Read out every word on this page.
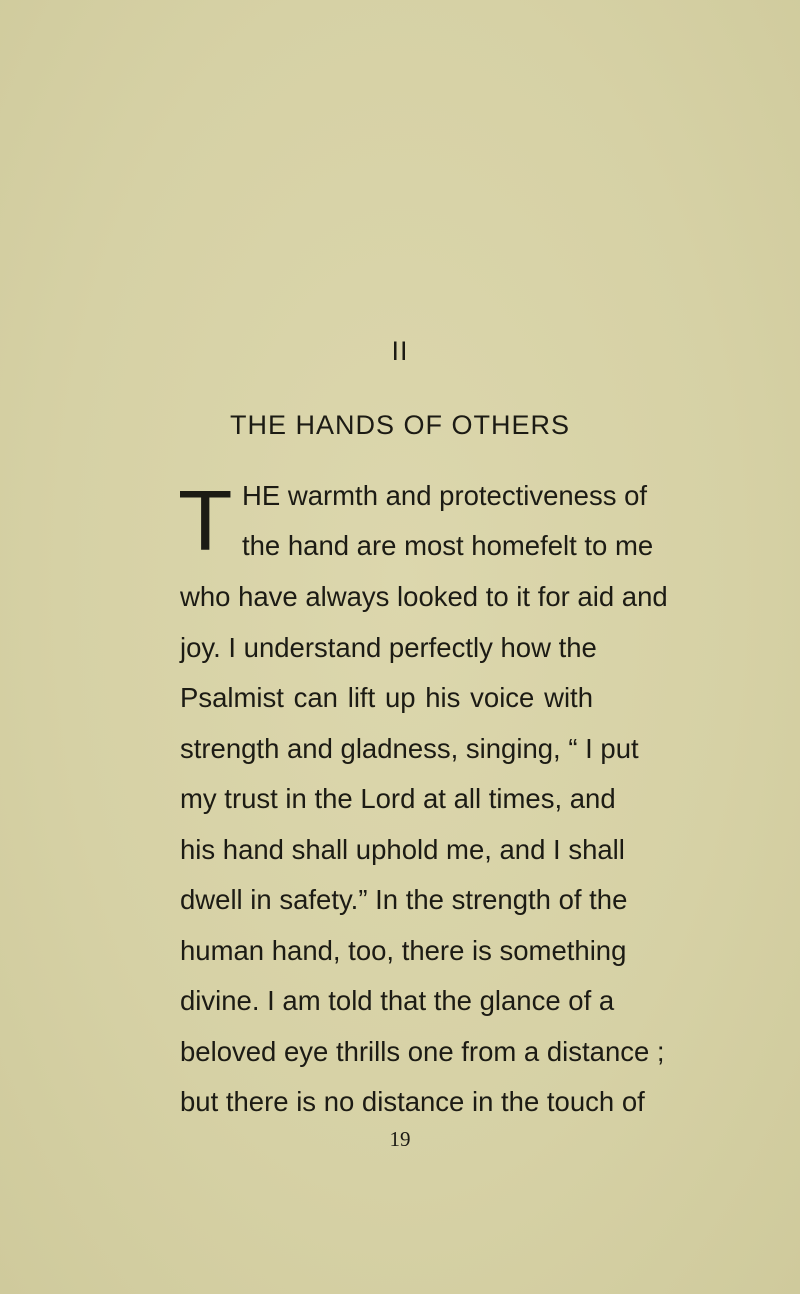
II
THE HANDS OF OTHERS
T HE warmth and protectiveness of
the hand are most homefelt to me
who have always looked to it for aid and
joy. I understand perfectly how the
Psalmist can lift up his voice with
strength and gladness, singing, “ I put
my trust in the Lord at all times, and
his hand shall uphold me, and I shall
dwell in safety.” In the strength of the
human hand, too, there is something
divine. I am told that the glance of a
beloved eye thrills one from a distance ;
but there is no distance in the touch of
19
